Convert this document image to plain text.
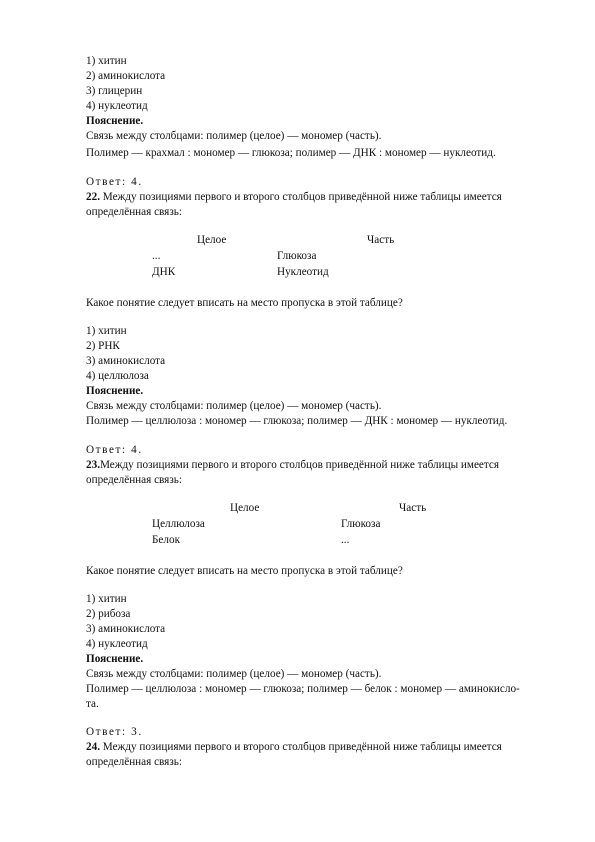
1) хитин
2) аминокислота
3) глицерин
4) нуклеотид
Пояснение.
Связь между столбцами: полимер (целое) — мономер (часть).
Полимер — крахмал : мономер — глюкоза; полимер — ДНК : мономер — нуклеотид.
Ответ: 4.
22. Между позициями первого и второго столбцов приведённой ниже таблицы имеется
определённая связь:
Целое	Часть
...	Глюкоза
ДНК	Нуклеотид
Какое понятие следует вписать на место пропуска в этой таблице?
1) хитин
2) РНК
3) аминокислота
4) целлюлоза
Пояснение.
Связь между столбцами: полимер (целое) — мономер (часть).
Полимер — целлюлоза : мономер — глюкоза; полимер — ДНК : мономер — нуклеотид.
Ответ: 4.
23.Между позициями первого и второго столбцов приведённой ниже таблицы имеется
определённая связь:
Целое	Часть
Целлюлоза	Глюкоза
Белок	...
Какое понятие следует вписать на место пропуска в этой таблице?
1) хитин
2) рибоза
3) аминокислота
4) нуклеотид
Пояснение.
Связь между столбцами: полимер (целое) — мономер (часть).
Полимер — целлюлоза : мономер — глюкоза; полимер — белок : мономер — аминокисло-
та.
Ответ: 3.
24. Между позициями первого и второго столбцов приведённой ниже таблицы имеется
определённая связь:
